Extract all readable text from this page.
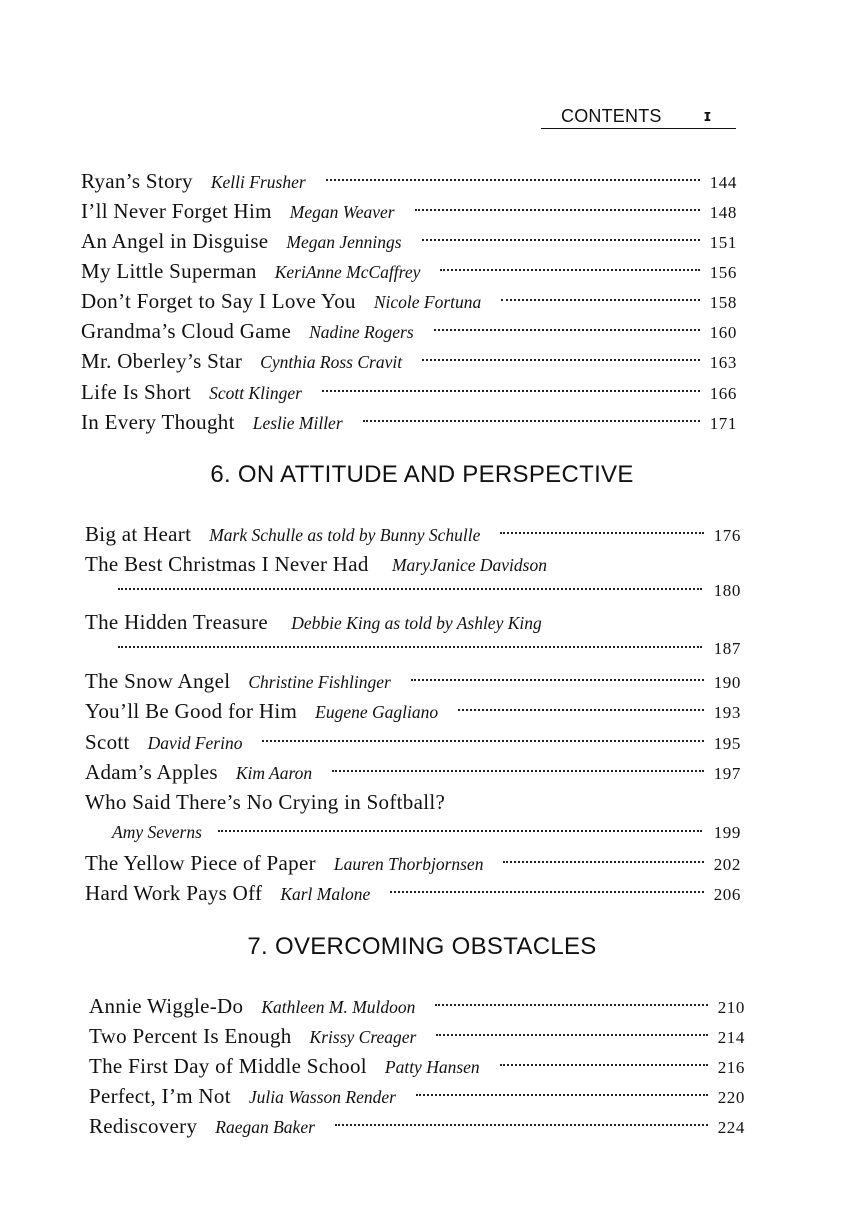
CONTENTS ɪ
Ryan’s Story Kelli Frusher	144
I’ll Never Forget Him Megan Weaver	148
An Angel in Disguise Megan Jennings	151
My Little Superman KeriAnne McCaffrey	156
Don’t Forget to Say I Love You Nicole Fortuna	158
Grandma’s Cloud Game Nadine Rogers	160
Mr. Oberley’s Star Cynthia Ross Cravit	163
Life Is Short Scott Klinger	166
In Every Thought Leslie Miller	171
6. ON ATTITUDE AND PERSPECTIVE
Big at Heart Mark Schulle as told by Bunny Schulle	176
The Best Christmas I Never Had MaryJanice Davidson
180
The Hidden Treasure Debbie King as told by Ashley King
187
The Snow Angel Christine Fishlinger	190
You’ll Be Good for Him Eugene Gagliano	193
Scott David Ferino	195
Adam’s Apples Kim Aaron	197
Who Said There’s No Crying in Softball?
Amy Severns	199
The Yellow Piece of Paper Lauren Thorbjornsen	202
Hard Work Pays Off Karl Malone	206
7. OVERCOMING OBSTACLES
Annie Wiggle-Do Kathleen M. Muldoon	210
Two Percent Is Enough Krissy Creager	214
The First Day of Middle School Patty Hansen	216
Perfect, I’m Not Julia Wasson Render	220
Rediscovery Raegan Baker	224
